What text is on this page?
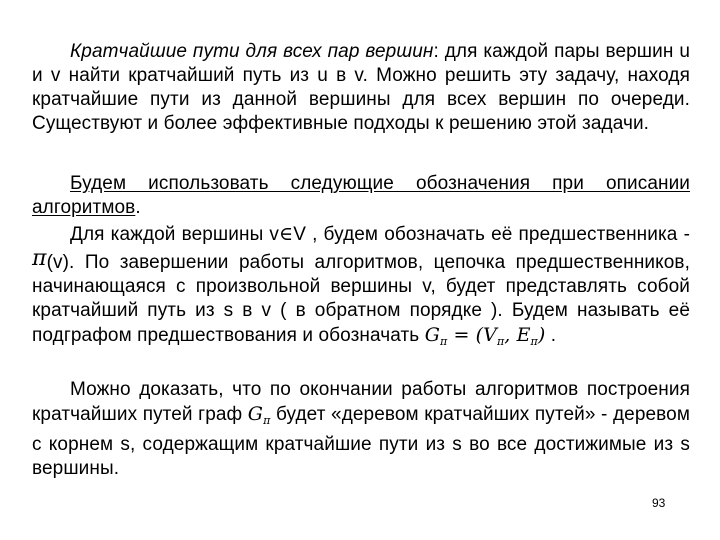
Кратчайшие пути для всех пар вершин: для каждой пары вершин u и v найти кратчайший путь из u в v. Можно решить эту задачу, находя кратчайшие пути из данной вершины для всех вершин по очереди. Существуют и более эффективные подходы к решению этой задачи.

Будем использовать следующие обозначения при описании алгоритмов.

Для каждой вершины v∈V , будем обозначать её предшественника - π(v). По завершении работы алгоритмов, цепочка предшественников, начинающаяся с произвольной вершины v, будет представлять собой кратчайший путь из s в v ( в обратном порядке ). Будем называть её подграфом предшествования и обозначать $G_\pi = (V_\pi$, $E_\pi$) .

Можно доказать, что по окончании работы алгоритмов построения кратчайших путей граф $G_\pi$ будет «деревом кратчайших путей» - деревом с корнем s, содержащим кратчайшие пути из s во все достижимые из s вершины.

93
